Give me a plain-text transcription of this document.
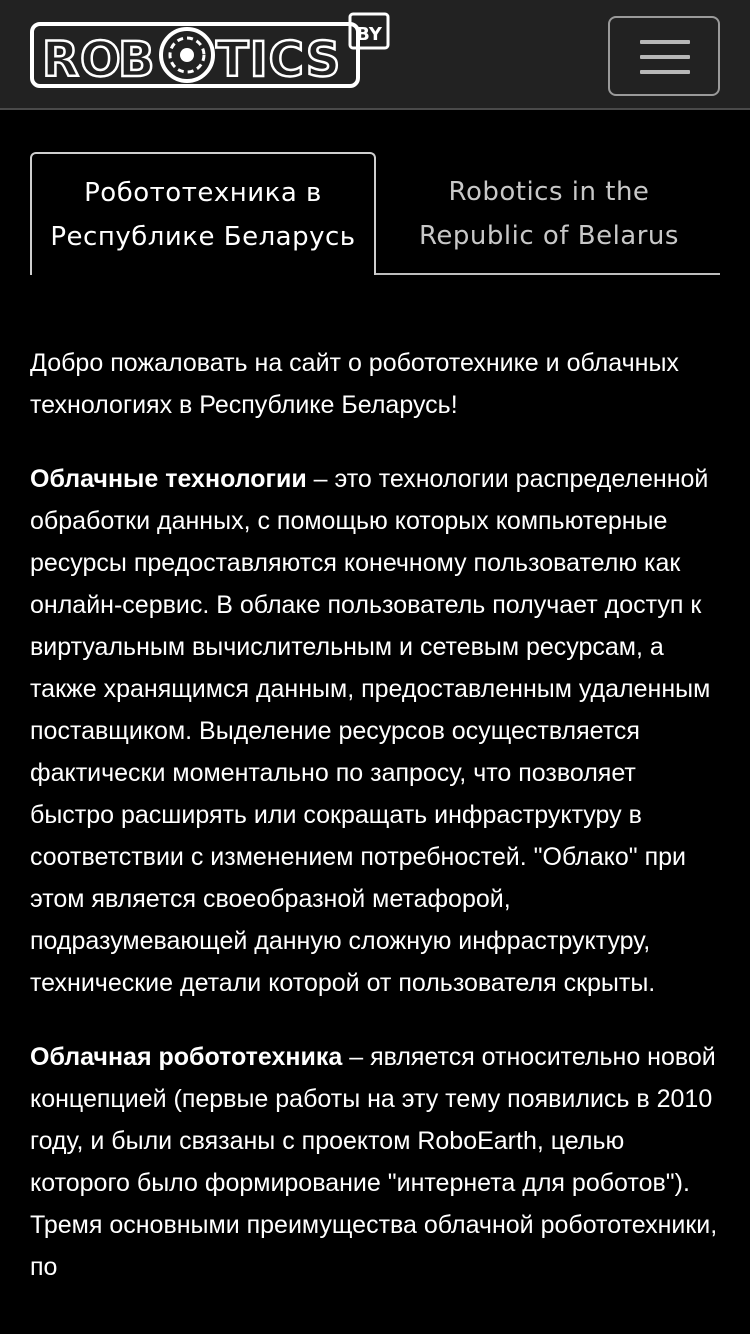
BY
RO
B TICS
Робототехника в
Республике Беларусь
Robotics in the
Republic of Belarus

Добро пожаловать на сайт о робототехнике и облачных технологиях в Республике Беларусь!

Облачные технологии – это технологии распределенной обработки данных, с помощью которых компьютерные ресурсы предоставляются конечному пользователю как онлайн-сервис. В облаке пользователь получает доступ к виртуальным вычислительным и сетевым ресурсам, а также хранящимся данным, предоставленным удаленным поставщиком. Выделение ресурсов осуществляется фактически моментально по запросу, что позволяет быстро расширять или сокращать инфраструктуру в соответствии с изменением потребностей. "Облако" при этом является своеобразной метафорой, подразумевающей данную сложную инфраструктуру, технические детали которой от пользователя скрыты.

Облачная робототехника – является относительно новой концепцией (первые работы на эту тему появились в 2010 году, и были связаны с проектом RoboEarth, целью которого было формирование "интернета для роботов"). Тремя основными преимущества облачной робототехники, по
